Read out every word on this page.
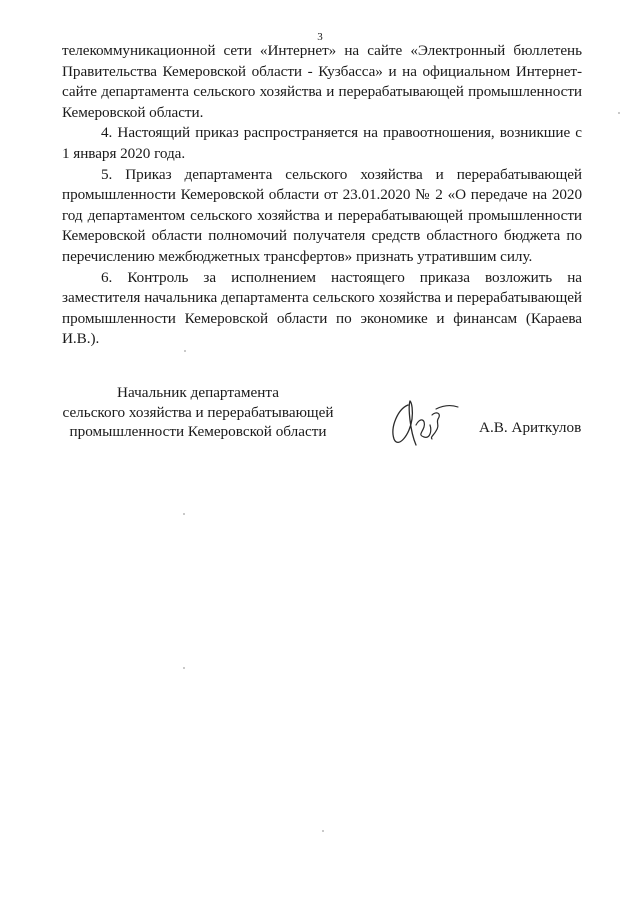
3

телекоммуникационной сети «Интернет» на сайте «Электронный бюллетень Правительства Кемеровской области - Кузбасса» и на официальном Интернет-сайте департамента сельского хозяйства и перерабатывающей промышленности Кемеровской области.

4. Настоящий приказ распространяется на правоотношения, возникшие с 1 января 2020 года.

5. Приказ департамента сельского хозяйства и перерабатывающей промышленности Кемеровской области от 23.01.2020 № 2 «О передаче на 2020 год департаментом сельского хозяйства и перерабатывающей промышленности Кемеровской области полномочий получателя средств областного бюджета по перечислению межбюджетных трансфертов» признать утратившим силу.

6. Контроль за исполнением настоящего приказа возложить на заместителя начальника департамента сельского хозяйства и перерабатывающей промышленности Кемеровской области по экономике и финансам (Караева И.В.).

Начальник департамента
сельского хозяйства и перерабатывающей
промышленности Кемеровской области	А.В. Ариткулов
